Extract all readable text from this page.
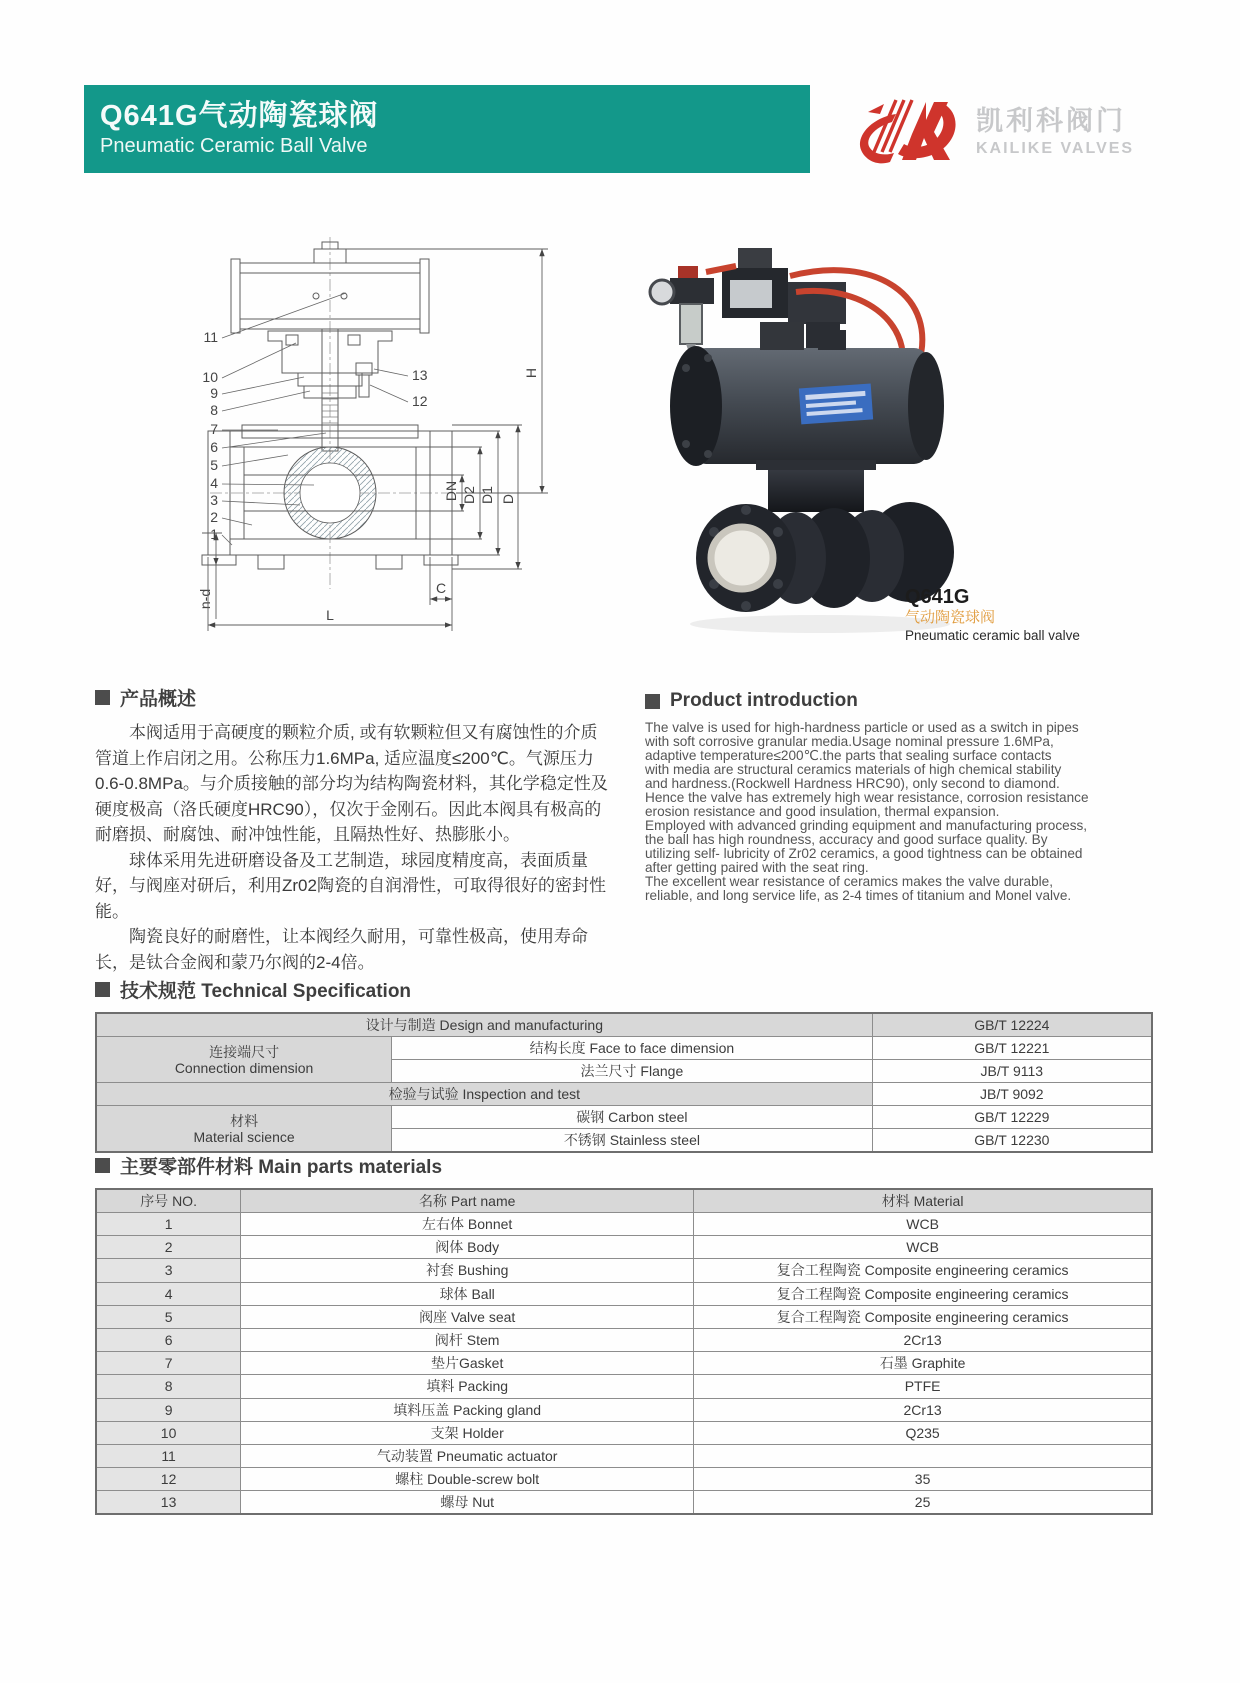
Q641G气动陶瓷球阀
Pneumatic Ceramic Ball Valve
凯利科阀门
KAILIKE VALVES
11
10
9
8
7
6
5
4
3
2
1
13
12
H
DN D2 D1 D
n-d
L
C	Q641G
气动陶瓷球阀
Pneumatic ceramic ball valve
产品概述

本阀适用于高硬度的颗粒介质, 或有软颗粒但又有腐蚀性的介质管道上作启闭之用。公称压力1.6MPa, 适应温度≤200℃。气源压力0.6-0.8MPa。与介质接触的部分均为结构陶瓷材料，其化学稳定性及硬度极高（洛氏硬度HRC90），仅次于金刚石。因此本阀具有极高的耐磨损、耐腐蚀、耐冲蚀性能，且隔热性好、热膨胀小。

球体采用先进研磨设备及工艺制造，球园度精度高，表面质量好，与阀座对研后，利用Zr02陶瓷的自润滑性，可取得很好的密封性能。

陶瓷良好的耐磨性，让本阀经久耐用，可靠性极高，使用寿命长，是钛合金阀和蒙乃尔阀的2-4倍。

Product introduction
The valve is used for high-hardness particle or used as a switch in pipes
with soft corrosive granular media.Usage nominal pressure 1.6MPa,
adaptive temperature≤200℃.the parts that sealing surface contacts
with media are structural ceramics materials of high chemical stability
and hardness.(Rockwell Hardness HRC90), only second to diamond.
Hence the valve has extremely high wear resistance, corrosion resistance
erosion resistance and good insulation, thermal expansion.
Employed with advanced grinding equipment and manufacturing process,
the ball has high roundness, accuracy and good surface quality. By
utilizing self- lubricity of Zr02 ceramics, a good tightness can be obtained
after getting paired with the seat ring.
The excellent wear resistance of ceramics makes the valve durable,
reliable, and long service life, as 2-4 times of titanium and Monel valve.
技术规范 Technical Specification
设计与制造 Design and manufacturing		GB/T 12224

连接端尺寸
Connection dimension	结构长度 Face to face dimension	GB/T 12221
	法兰尺寸 Flange	JB/T 9113
检验与试验 Inspection and test		JB/T 9092

材料
Material science	碳钢 Carbon steel	GB/T 12229
	不锈钢 Stainless steel	GB/T 12230
主要零部件材料 Main parts materials
序号 NO.	名称 Part name	材料 Material
1	左右体 Bonnet	WCB
2	阀体 Body	WCB
3	衬套 Bushing	复合工程陶瓷 Composite engineering ceramics
4	球体 Ball	复合工程陶瓷 Composite engineering ceramics
5	阀座 Valve seat	复合工程陶瓷 Composite engineering ceramics
6	阀杆 Stem	2Cr13
7	垫片Gasket	石墨 Graphite
8	填料 Packing	PTFE
9	填料压盖 Packing gland	2Cr13
10	支架 Holder	Q235
11	气动装置 Pneumatic actuator	
12	螺柱 Double-screw bolt	35
13	螺母 Nut	25
